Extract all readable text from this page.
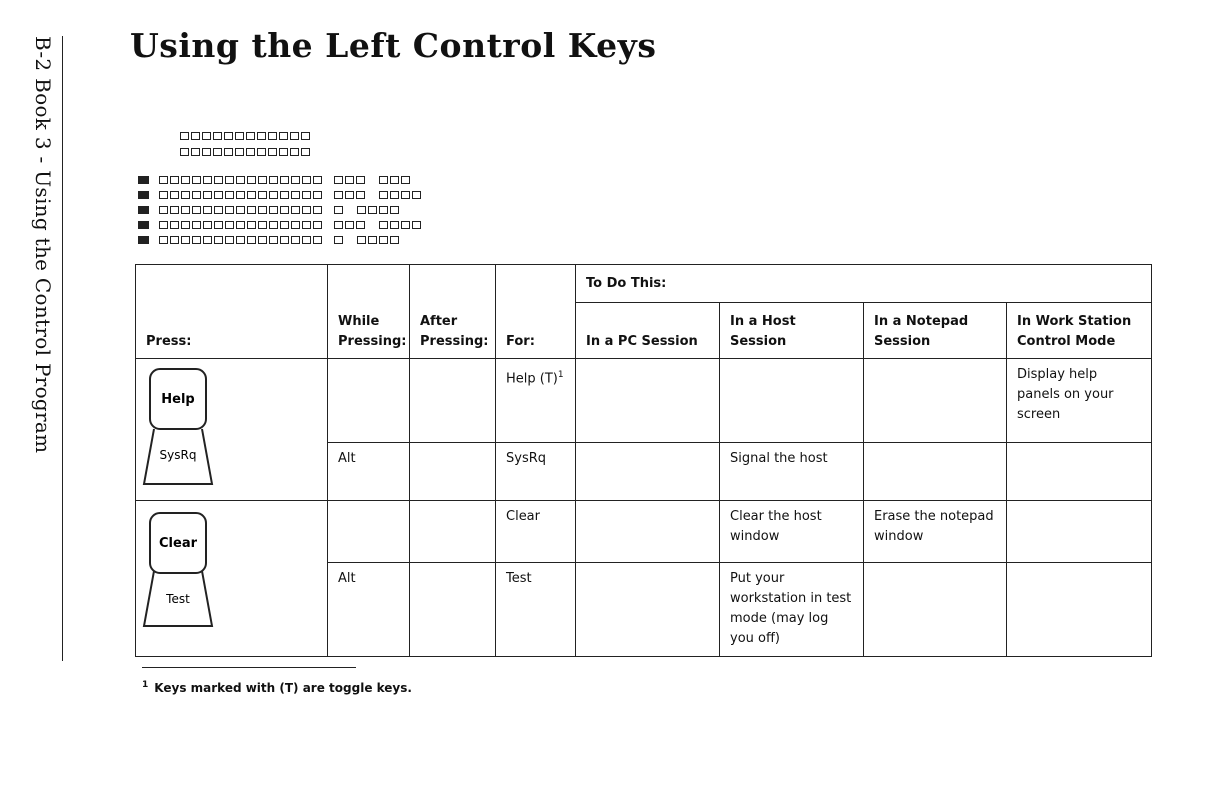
B-2 Book 3 - Using the Control Program Using the Left Control Keys
Press:	While Pressing:	After Pressing:	For:	To Do This:			
				In a PC Session	In a Host Session	In a Notepad Session	In Work Station Control Mode

Help
SysRq			Help $(T)^1$				Display help panels on your screen
	Alt		SysRq		Signal the host		

Clear
Test			Clear		Clear the host window	Erase the notepad window	
	Alt		Test		Put your workstation in test mode (may log you off)		
$^1$ Keys marked with (T) are toggle keys.
